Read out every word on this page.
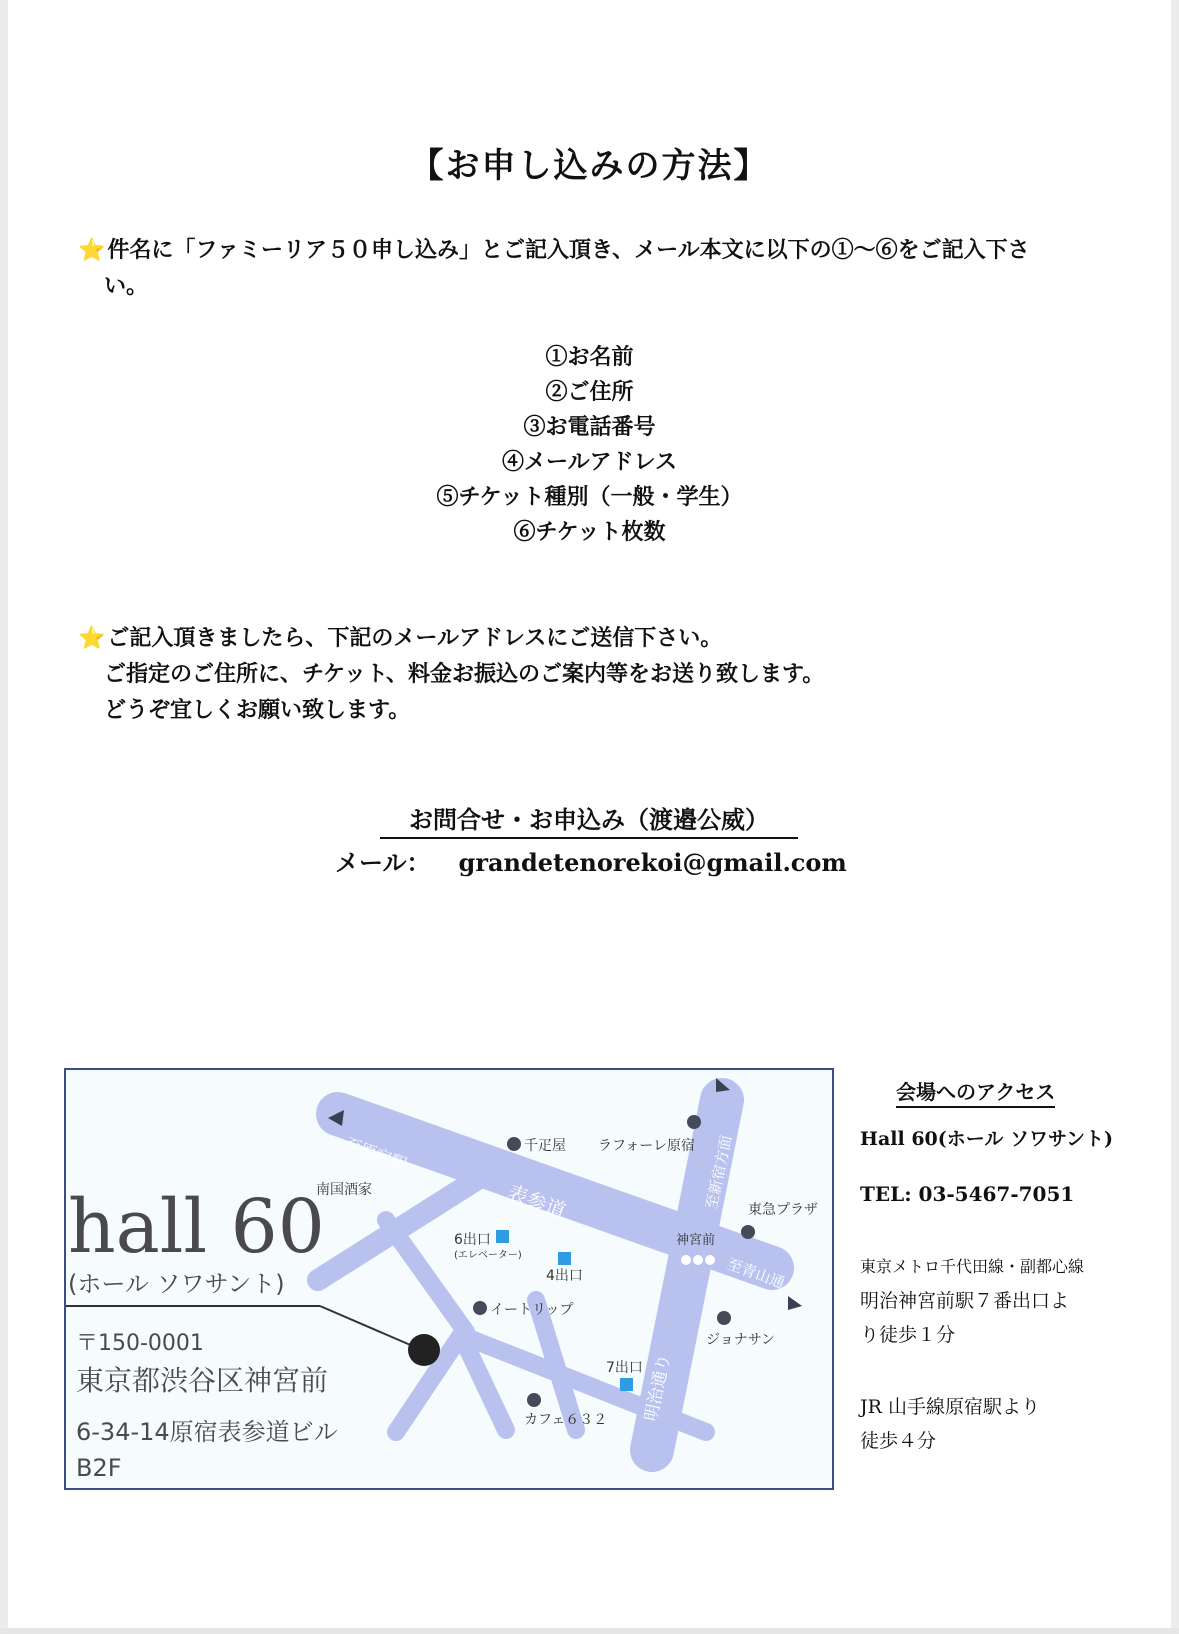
【お申し込みの方法】
⭐件名に「ファミーリア５０申し込み」とご記入頂き、メール本文に以下の①～⑥をご記入下さ
い。
①お名前
②ご住所
③お電話番号
④メールアドレス
⑤チケット種別（一般・学生）
⑥チケット枚数
⭐ご記入頂きましたら、下記のメールアドレスにご送信下さい。
ご指定のご住所に、チケット、料金お振込のご案内等をお送り致します。
どうぞ宜しくお願い致します。
お問合せ・お申込み（渡邉公威）
メール： grandetenorekoi@gmail.com
至原宿駅
表参道	至新宿方面
至青山通り
明治通り
千疋屋 ラフォーレ原宿
南国酒家
東急プラザ
神宮前
6出口
(エレベーター)
4出口
イートリップ
ジョナサン
7出口
カフェ６３２
hall 60
(ホール ソワサント)
〒150-0001
東京都渋谷区神宮前
6-34-14原宿表参道ビル
B2F
会場へのアクセス
Hall 60(ホール ソワサント)
TEL: 03-5467-7051
東京メトロ千代田線・副都心線
明治神宮前駅７番出口よ
り徒歩１分
JR 山手線原宿駅より
徒歩４分
